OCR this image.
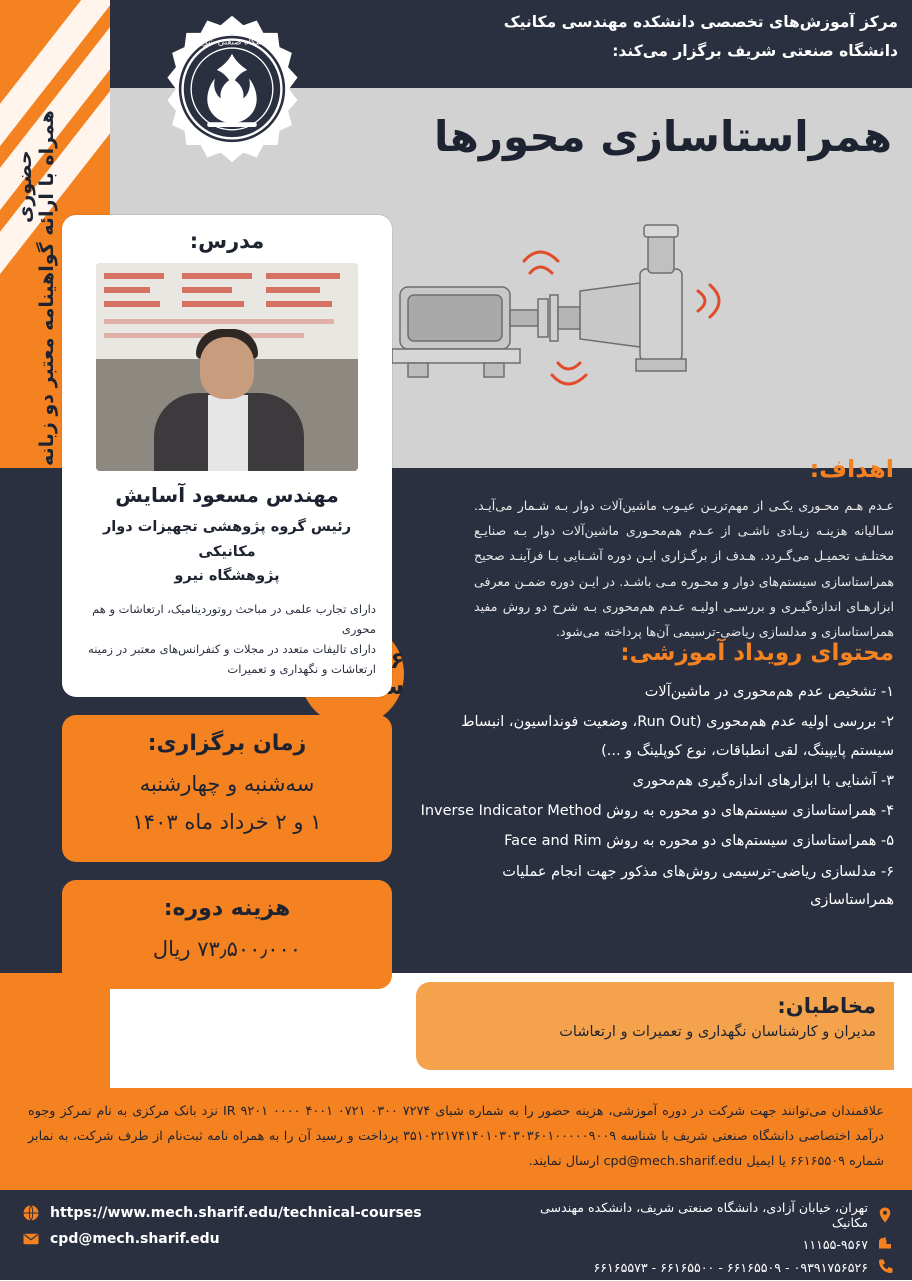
مرکز آموزش‌های تخصصی دانشکده مهندسی مکانیک
دانشگاه صنعتی شریف برگزار می‌کند:
دانشگاه صنعتی شریف
همراستاسازی محورها
حضوری همراه با ارائه گواهینامه معتبر دو زبانه
اهداف:

عـدم هـم محـوری یکـی از مهم‌تریـن عیـوب ماشین‌آلات دوار بـه شـمار می‌آیـد. سـالیانه هزینـه زیـادی ناشـی از عـدم هم‌محـوری ماشین‌آلات دوار بـه صنایـع مختلـف تحمیـل می‌گـردد. هـدف از برگـزاری ایـن دوره آشـنایی بـا فرآینـد صحیح همراستاسازی سیستم‌های دوار و محـوره مـی باشـد. در ایـن دوره ضمـن معرفی ابزارهـای اندازه‌گیـری و بررسـی اولیـه عـدم هم‌محوری بـه شرح دو روش مفید همراستاسازی و مدلسازی ریاضی-ترسیمی آن‌ها پرداخته می‌شود.

محتوای رویداد آموزشی:
۱- تشخیص عدم هم‌محوری در ماشین‌آلات
۲- بررسی اولیه عدم هم‌محوری (Run Out، وضعیت فونداسیون، انبساط سیستم پایپینگ، لقی انطباقات، نوع کوپلینگ و ...)
۳- آشنایی با ابزارهای اندازه‌گیری هم‌محوری
۴- همراستاسازی سیستم‌های دو محوره به روش Inverse Indicator Method
۵- همراستاسازی سیستم‌های دو محوره به روش Face and Rim
۶- مدلسازی ریاضی-ترسیمی روش‌های مذکور جهت انجام عملیات همراستاسازی
مخاطبان:
مدیران و کارشناسان نگهداری و تعمیرات و ارتعاشات
مدرس:
مهندس مسعود آسایش
رئیس گروه پژوهشی تجهیزات دوار مکانیکی
پژوهشگاه نیرو
دارای تجارب علمی در مباحث روتوردینامیک، ارتعاشات و هم محوری
دارای تالیفات متعدد در مجلات و کنفرانس‌های معتبر در زمینه ارتعاشات و نگهداری و تعمیرات
زمان برگزاری:
سه‌شنبه و چهارشنبه
۱ و ۲ خرداد ماه ۱۴۰۳
هزینه دوره:
۷۳٫۵۰۰٫۰۰۰ ریال

علاقمندان می‌توانند جهت شرکت در دوره آموزشی، هزینه حضور را به شماره شبای IR ۹۲۰۱ ۰۰۰۰ ۴۰۰۱ ۰۷۲۱ ۰۳۰۰ ۷۲۷۴ نزد بانک مرکزی به نام تمرکز وجوه درآمد اختصاصی دانشگاه صنعتی شریف با شناسه ۳۵۱۰۲۲۱۷۴۱۴۰۱۰۳۰۳۰۳۶۰۱۰۰۰۰۰۹۰۰۹ پرداخت و رسید آن را به همراه نامه ثبت‌نام از طرف شرکت، به نمابر شماره ۶۶۱۶۵۵۰۹ یا ایمیل cpd@mech.sharif.edu ارسال نمایند.

https://www.mech.sharif.edu/technical-courses
cpd@mech.sharif.edu
تهران، خیابان آزادی، دانشگاه صنعتی شریف، دانشکده مهندسی مکانیک
۱۱۱۵۵-۹۵۶۷
۰۹۳۹۱۷۵۶۵۲۶ - ۶۶۱۶۵۵۰۹ - ۶۶۱۶۵۵۰۰ - ۶۶۱۶۵۵۷۳
